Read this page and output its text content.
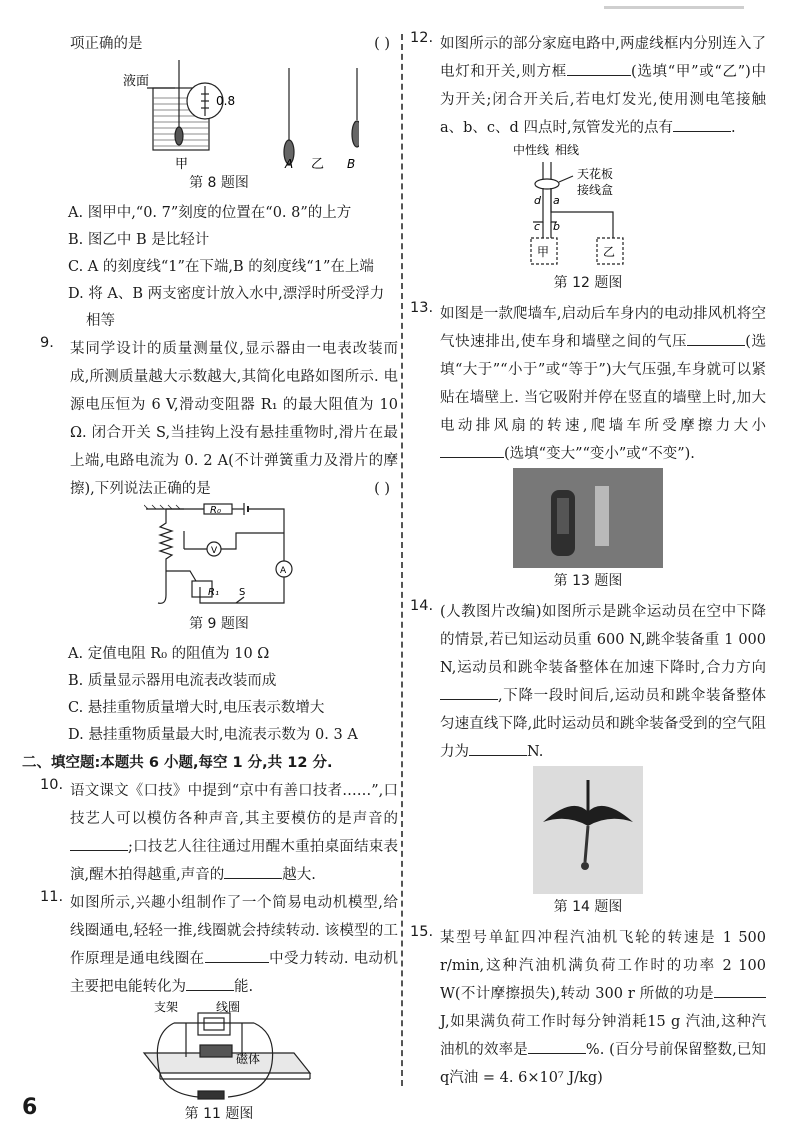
项正确的是	( )

液面
0.8
A	B
甲	乙
第 8 题图

A. 图甲中,“0. 7”刻度的位置在“0. 8”的上方

B. 图乙中 B 是比轻计

C. A 的刻度线“1”在下端,B 的刻度线“1”在上端

D. 将 A、B 两支密度计放入水中,漂浮时所受浮力相等

9. 某同学设计的质量测量仪,显示器由一电表改装而成,所测质量越大示数越大,其简化电路如图所示. 电源电压恒为 6 V,滑动变阻器 R₁ 的最大阻值为 10 Ω. 闭合开关 S,当挂钩上没有悬挂重物时,滑片在最上端,电路电流为 0. 2 A(不计弹簧重力及滑片的摩擦),下列说法正确的是	( )

R₀
V
A
R₁ S
第 9 题图

A. 定值电阻 R₀ 的阻值为 10 Ω

B. 质量显示器用电流表改装而成

C. 悬挂重物质量增大时,电压表示数增大

D. 悬挂重物质量最大时,电流表示数为 0. 3 A

二、填空题:本题共 6 小题,每空 1 分,共 12 分.

10. 语文课文《口技》中提到“京中有善口技者……”,口技艺人可以模仿各种声音,其主要模仿的是声音的;口技艺人往往通过用醒木重拍桌面结束表演,醒木拍得越重,声音的	越大.

11. 如图所示,兴趣小组制作了一个简易电动机模型,给线圈通电,轻轻一推,线圈就会持续转动. 该模型的工作原理是通电线圈在	中受力转动. 电动机主要把电能转化为	能.

支架	线圈
磁体
第 11 题图
12. 如图所示的部分家庭电路中,两虚线框内分别连入了电灯和开关,则方框	(选填“甲”或“乙”)中为开关;闭合开关后,若电灯发光,使用测电笔接触 a、b、c、d 四点时,氖管发光的点有	.

中性线 相线
天花板
接线盒
a
b
c
d
甲	乙
第 12 题图
13. 如图是一款爬墙车,启动后车身内的电动排风机将空气快速排出,使车身和墙壁之间的气压	(选填“大于”“小于”或“等于”)大气压强,车身就可以紧贴在墙壁上. 当它吸附并停在竖直的墙壁上时,加大电动排风扇的转速,爬墙车所受摩擦力大小(选填“变大”“变小”或“不变”).

第 13 题图
14. (人教图片改编)如图所示是跳伞运动员在空中下降的情景,若已知运动员重 600 N,跳伞装备重 1 000 N,运动员和跳伞装备整体在加速下降时,合力方向,下降一段时间后,运动员和跳伞装备整体匀速直线下降,此时运动员和跳伞装备受到的空气阻力为	N.

第 14 题图
15. 某型号单缸四冲程汽油机飞轮的转速是 1 500 r/min,这种汽油机满负荷工作时的功率 2 100 W(不计摩擦损失),转动 300 r 所做的功是J,如果满负荷工作时每分钟消耗15 g 汽油,这种汽油机的效率是	%. (百分号前保留整数,已知 q汽油 = 4. 6×10⁷ J/kg)

6
